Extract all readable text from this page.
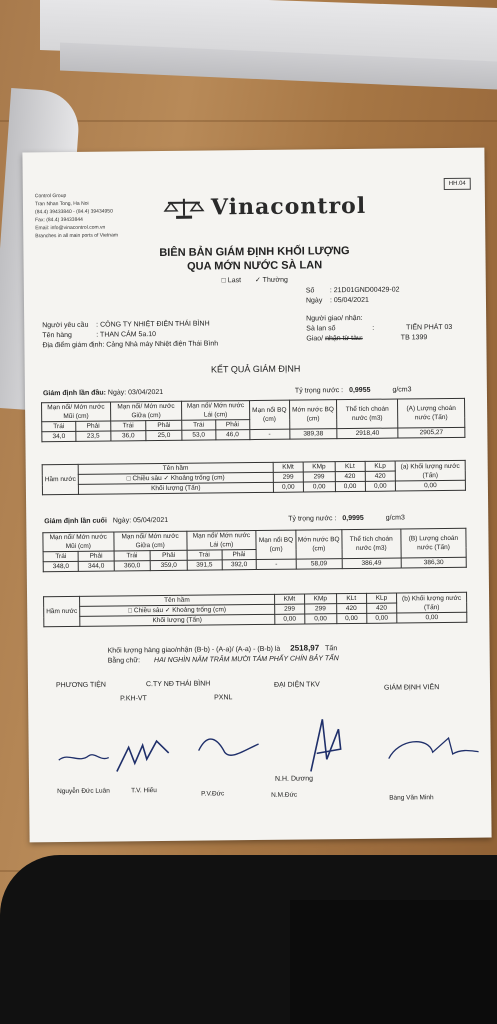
Control Group
Tran Nhan Tong, Ha Noi
(84.4) 39433840 - (84.4) 39434950
Fax: (84.4) 39433844
Email: info@vinacontrol.com.vn
Branches in all main ports of Vietnam
Vinacontrol
HH.04
BIÊN BẢN GIÁM ĐỊNH KHỐI LƯỢNG
QUA MỚN NƯỚC SÀ LAN
□ Last ✓ Thường
Số : 21D01GND00429-02
Ngày : 05/04/2021
Người yêu cầu : CÔNG TY NHIỆT ĐIỆN THÁI BÌNH
Tên hàng	: THAN CÁM 5a.10
Địa điểm giám định: Cảng Nhà máy Nhiệt điện Thái Bình
Người giao/ nhận:
Sà lan số	:	TIẾN PHÁT 03
Giao/ nhận từ tàu:	TB 1399
KẾT QUẢ GIÁM ĐỊNH
Giám định lần đầu: Ngày: 03/04/2021	Tỷ trọng nước : 0,9955	g/cm3
Mạn nổi/ Mớn nước Mũi (cm)		Mạn nổi/ Mớn nước Giữa (cm)		Mạn nổi/ Mớn nước Lái (cm)		Mạn nổi BQ (cm)	Mớn nước BQ (cm)	Thể tích choán nước (m3)	(A) Lượng choán nước (Tấn)
Trái	Phải	Trái	Phải	Trái	Phải				
34,0	23,5	36,0	25,0	53,0	46,0	-	389,38	2918,40	2905,27
Hầm nước	Tên hầm	KMt	KMp	KLt	KLp	(a) Khối lượng nước (Tấn)
	□ Chiều sâu ✓ Khoảng trống (cm)	299	299	420	420	
	Khối lượng (Tấn)	0,00	0,00	0,00	0,00	0,00
Giám định lần cuối Ngày: 05/04/2021	Tỷ trọng nước : 0,9995	g/cm3
Mạn nổi/ Mớn nước Mũi (cm)		Mạn nổi/ Mớn nước Giữa (cm)		Mạn nổi/ Mớn nước Lái (cm)		Mạn nổi BQ (cm)	Mớn nước BQ (cm)	Thể tích choán nước (m3)	(B) Lượng choán nước (Tấn)
Trái	Phải	Trái	Phải	Trái	Phải				
348,0	344,0	360,0	359,0	391,5	392,0	-	58,09	386,49	386,30
Hầm nước	Tên hầm	KMt	KMp	KLt	KLp	(b) Khối lượng nước (Tấn)
	□ Chiều sâu ✓ Khoảng trống (cm)	299	299	420	420	
	Khối lượng (Tấn)	0,00	0,00	0,00	0,00	0,00
Khối lượng hàng giao/nhận (B-b) - (A-a)/ (A-a) - (B-b) là 2518,97 Tấn
Bằng chữ: HAI NGHÌN NĂM TRĂM MƯỜI TÁM PHẨY CHÍN BẢY TẤN
PHƯƠNG TIỆN	C.TY NĐ THÁI BÌNH
P.KH-VT	PXNL
ĐẠI DIỆN TKV	GIÁM ĐỊNH VIÊN
N.H. Dương
Nguyễn Đức Luân	T.V. Hiếu	P.V.Đức	N.M.Đức	Bàng Văn Minh
